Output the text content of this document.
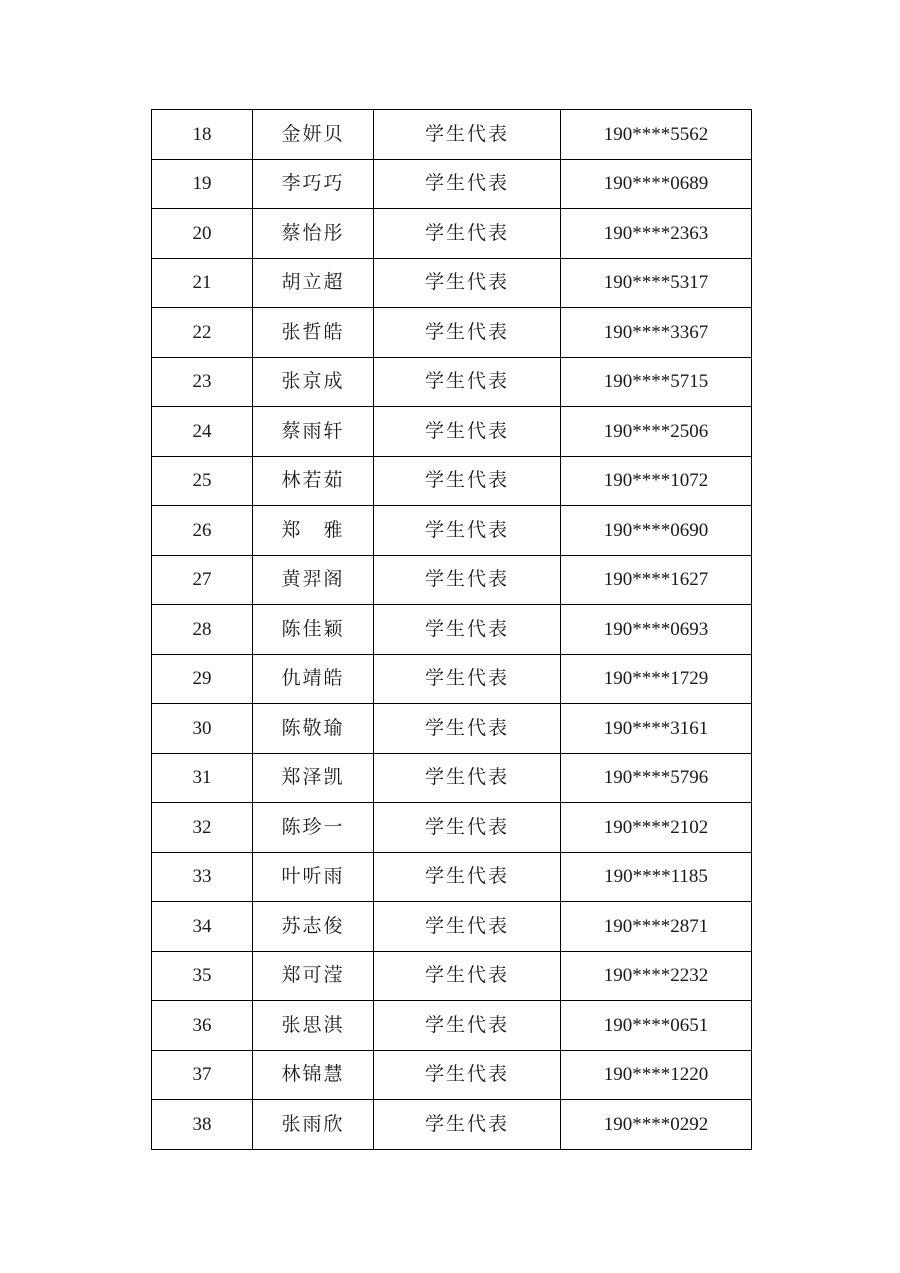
18	金妍贝	学生代表	190****5562
19	李巧巧	学生代表	190****0689
20	蔡怡彤	学生代表	190****2363
21	胡立超	学生代表	190****5317
22	张哲皓	学生代表	190****3367
23	张京成	学生代表	190****5715
24	蔡雨轩	学生代表	190****2506
25	林若茹	学生代表	190****1072
26	郑　雅	学生代表	190****0690
27	黄羿阁	学生代表	190****1627
28	陈佳颖	学生代表	190****0693
29	仇靖皓	学生代表	190****1729
30	陈敬瑜	学生代表	190****3161
31	郑泽凯	学生代表	190****5796
32	陈珍一	学生代表	190****2102
33	叶听雨	学生代表	190****1185
34	苏志俊	学生代表	190****2871
35	郑可滢	学生代表	190****2232
36	张思淇	学生代表	190****0651
37	林锦慧	学生代表	190****1220
38	张雨欣	学生代表	190****0292
